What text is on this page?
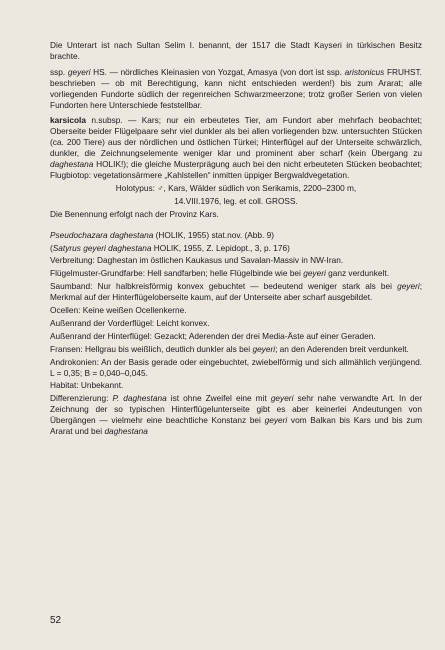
Die Unterart ist nach Sultan Selim I. benannt, der 1517 die Stadt Kayseri in türkischen Besitz brachte.

ssp. geyeri HS. — nördliches Kleinasien von Yozgat, Amasya (von dort ist ssp. aristonicus FRUHST. beschrieben — ob mit Berechtigung, kann nicht entschieden werden!) bis zum Ararat; alle vorliegenden Fundorte südlich der regenreichen Schwarzmeerzone; trotz großer Serien von vielen Fundorten here Unterschiede feststellbar.

karsicola n.subsp. — Kars; nur ein erbeutetes Tier, am Fundort aber mehrfach beobachtet; Oberseite beider Flügelpaare sehr viel dunkler als bei allen vorliegenden bzw. untersuchten Stücken (ca. 200 Tiere) aus der nördlichen und östlichen Türkei; Hinterflügel auf der Unterseite schwärzlich, dunkler, die Zeichnungselemente weniger klar und prominent aber scharf (kein Übergang zu daghestana HOLIK!); die gleiche Musterprägung auch bei den nicht erbeuteten Stücken beobachtet; Flugbiotop: vegetationsärmere „Kahlstellen“ inmitten üppiger Bergwaldvegetation.

Holotypus: ♂, Kars, Wälder südlich von Serikamis, 2200–2300 m,
14.VIII.1976, leg. et coll. GROSS.

Die Benennung erfolgt nach der Provinz Kars.

Pseudochazara daghestana (HOLIK, 1955) stat.nov. (Abb. 9)

(Satyrus geyeri daghestana HOLIK, 1955, Z. Lepidopt., 3, p. 176)

Verbreitung: Daghestan im östlichen Kaukasus und Savalan-Massiv in NW-Iran.

Flügelmuster-Grundfarbe: Hell sandfarben; helle Flügelbinde wie bei geyeri ganz verdunkelt.

Saumband: Nur halbkreisförmig konvex gebuchtet — bedeutend weniger stark als bei geyeri; Merkmal auf der Hinterflügeloberseite kaum, auf der Unterseite aber scharf ausgebildet.

Ocellen: Keine weißen Ocellenkerne.

Außenrand der Vorderflügel: Leicht konvex.

Außenrand der Hinterflügel: Gezackt; Aderenden der drei Media-Äste auf einer Geraden.

Fransen: Hellgrau bis weißlich, deutlich dunkler als bei geyeri; an den Aderenden breit verdunkelt.

Androkonien: An der Basis gerade oder eingebuchtet, zwiebelförmig und sich allmählich verjüngend. L = 0,35; B = 0,040–0,045.

Habitat: Unbekannt.

Differenzierung: P. daghestana ist ohne Zweifel eine mit geyeri sehr nahe verwandte Art. In der Zeichnung der so typischen Hinterflügelunterseite gibt es aber keinerlei Andeutungen von Übergängen — vielmehr eine beachtliche Konstanz bei geyeri vom Balkan bis Kars und bis zum Ararat und bei daghestana

52
